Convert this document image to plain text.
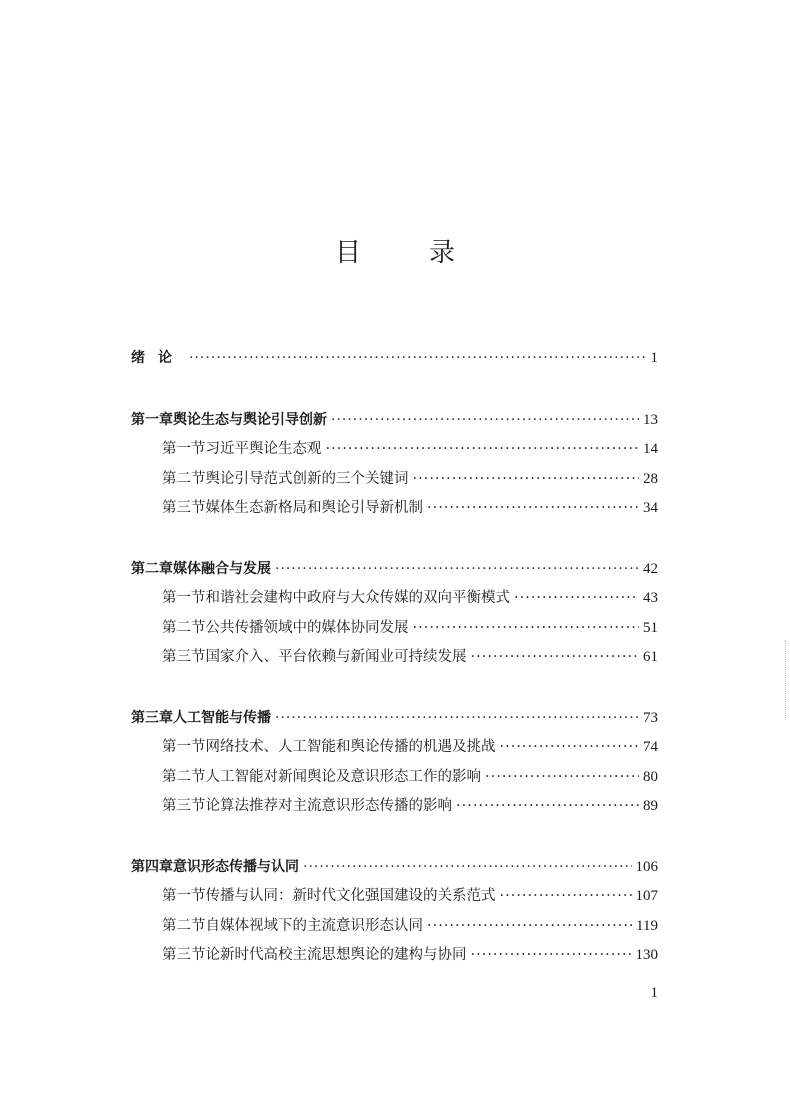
目	录
绪论 ·····	1
第一章 舆论生态与舆论引导创新 ·····	13
第一节 习近平舆论生态观 ·····	14
第二节 舆论引导范式创新的三个关键词 ·····	28
第三节 媒体生态新格局和舆论引导新机制 ·····	34
第二章 媒体融合与发展 ·····	42
第一节 和谐社会建构中政府与大众传媒的双向平衡模式 ·····	43
第二节 公共传播领域中的媒体协同发展 ·····	51
第三节 国家介入、平台依赖与新闻业可持续发展 ·····	61
第三章 人工智能与传播 ·····	73
第一节 网络技术、人工智能和舆论传播的机遇及挑战 ·····	74
第二节 人工智能对新闻舆论及意识形态工作的影响 ·····	80
第三节 论算法推荐对主流意识形态传播的影响 ·····	89
第四章 意识形态传播与认同 ·····	106
第一节 传播与认同：新时代文化强国建设的关系范式 ·····	107
第二节 自媒体视域下的主流意识形态认同 ·····	119
第三节 论新时代高校主流思想舆论的建构与协同 ·····	130
1
